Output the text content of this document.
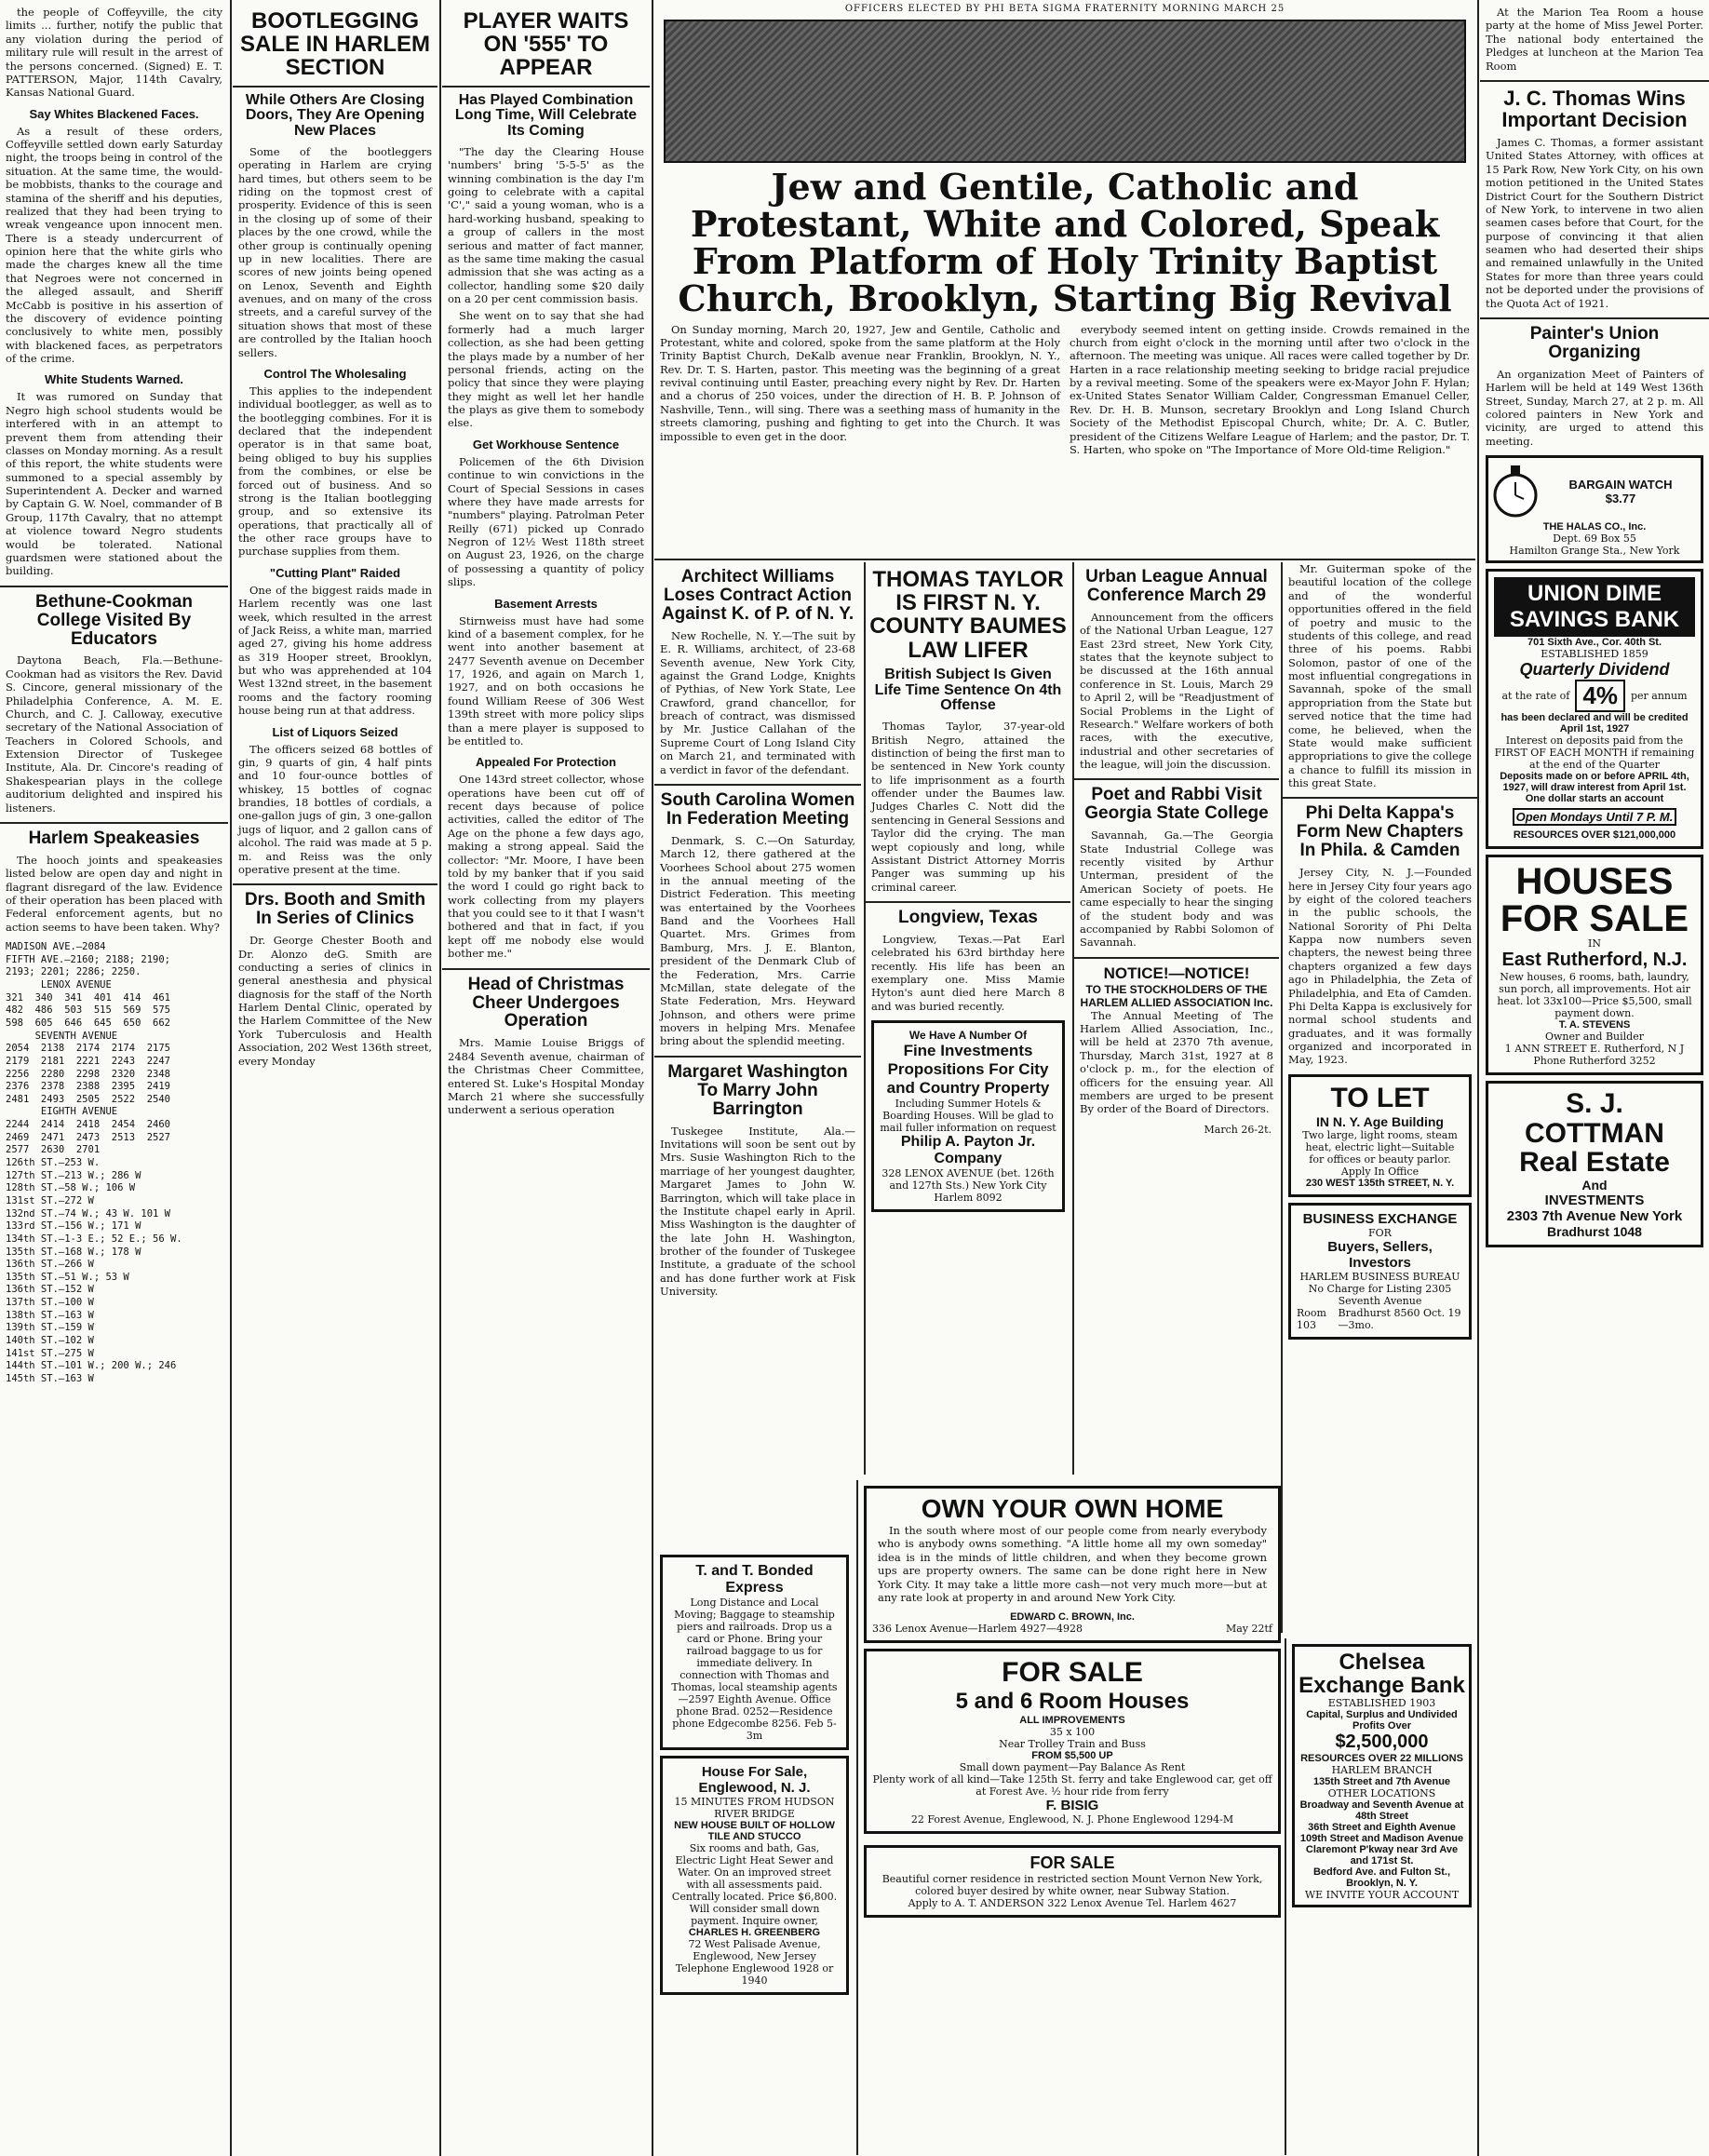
the people of Coffeyville, the city limits ... further, notify the public that any violation during the period of military rule will result in the arrest of the persons concerned. (Signed) E. T. PATTERSON, Major, 114th Cavalry, Kansas National Guard.

Say Whites Blackened Faces.

As a result of these orders, Coffeyville settled down early Saturday night, the troops being in control of the situation. At the same time, the would-be mobbists, thanks to the courage and stamina of the sheriff and his deputies, realized that they had been trying to wreak vengeance upon innocent men. There is a steady undercurrent of opinion here that the white girls who made the charges knew all the time that Negroes were not concerned in the alleged assault, and Sheriff McCabb is positive in his assertion of the discovery of evidence pointing conclusively to white men, possibly with blackened faces, as perpetrators of the crime.

White Students Warned.

It was rumored on Sunday that Negro high school students would be interfered with in an attempt to prevent them from attending their classes on Monday morning. As a result of this report, the white students were summoned to a special assembly by Superintendent A. Decker and warned by Captain G. W. Noel, commander of B Group, 117th Cavalry, that no attempt at violence toward Negro students would be tolerated. National guardsmen were stationed about the building.

Bethune-Cookman College Visited By Educators

Daytona Beach, Fla.—Bethune-Cookman had as visitors the Rev. David S. Cincore, general missionary of the Philadelphia Conference, A. M. E. Church, and C. J. Calloway, executive secretary of the National Association of Teachers in Colored Schools, and Extension Director of Tuskegee Institute, Ala. Dr. Cincore's reading of Shakespearian plays in the college auditorium delighted and inspired his listeners.

Harlem Speakeasies

The hooch joints and speakeasies listed below are open day and night in flagrant disregard of the law. Evidence of their operation has been placed with Federal enforcement agents, but no action seems to have been taken. Why?

MADISON AVE.—2084
FIFTH AVE.—2160; 2188; 2190;
2193; 2201; 2286; 2250.
LENOX AVENUE
321  340  341  401  414  461
482  486  503  515  569  575
598  605  646  645  650  662
SEVENTH AVENUE
2054  2138  2174  2174  2175
2179  2181  2221  2243  2247
2256  2280  2298  2320  2348
2376  2378  2388  2395  2419
2481  2493  2505  2522  2540
EIGHTH AVENUE
2244  2414  2418  2454  2460
2469  2471  2473  2513  2527
2577  2630  2701
126th ST.—253 W.
127th ST.—213 W.; 286 W
128th ST.—58 W.; 106 W
131st ST.—272 W
132nd ST.—74 W.; 43 W. 101 W
133rd ST.—156 W.; 171 W
134th ST.—1-3 E.; 52 E.; 56 W.
135th ST.—168 W.; 178 W
136th ST.—266 W
135th ST.—51 W.; 53 W
136th ST.—152 W
137th ST.—100 W
138th ST.—163 W
139th ST.—159 W
140th ST.—102 W
141st ST.—275 W
144th ST.—101 W.; 200 W.; 246
145th ST.—163 W
BOOTLEGGING SALE IN HARLEM SECTION
While Others Are Closing Doors, They Are Opening New Places

Some of the bootleggers operating in Harlem are crying hard times, but others seem to be riding on the topmost crest of prosperity. Evidence of this is seen in the closing up of some of their places by the one crowd, while the other group is continually opening up in new localities. There are scores of new joints being opened on Lenox, Seventh and Eighth avenues, and on many of the cross streets, and a careful survey of the situation shows that most of these are controlled by the Italian hooch sellers.

Control The Wholesaling

This applies to the independent individual bootlegger, as well as to the bootlegging combines. For it is declared that the independent operator is in that same boat, being obliged to buy his supplies from the combines, or else be forced out of business. And so strong is the Italian bootlegging group, and so extensive its operations, that practically all of the other race groups have to purchase supplies from them.

"Cutting Plant" Raided

One of the biggest raids made in Harlem recently was one last week, which resulted in the arrest of Jack Reiss, a white man, married aged 27, giving his home address as 319 Hooper street, Brooklyn, but who was apprehended at 104 West 132nd street, in the basement rooms and the factory rooming house being run at that address.

List of Liquors Seized

The officers seized 68 bottles of gin, 9 quarts of gin, 4 half pints and 10 four-ounce bottles of whiskey, 15 bottles of cognac brandies, 18 bottles of cordials, a one-gallon jugs of gin, 3 one-gallon jugs of liquor, and 2 gallon cans of alcohol. The raid was made at 5 p. m. and Reiss was the only operative present at the time.

Drs. Booth and Smith In Series of Clinics

Dr. George Chester Booth and Dr. Alonzo deG. Smith are conducting a series of clinics in general anesthesia and physical diagnosis for the staff of the North Harlem Dental Clinic, operated by the Harlem Committee of the New York Tuberculosis and Health Association, 202 West 136th street, every Monday

PLAYER WAITS ON '555' TO APPEAR
Has Played Combination Long Time, Will Celebrate Its Coming

"The day the Clearing House 'numbers' bring '5-5-5' as the winning combination is the day I'm going to celebrate with a capital 'C'," said a young woman, who is a hard-working husband, speaking to a group of callers in the most serious and matter of fact manner, as the same time making the casual admission that she was acting as a collector, handling some $20 daily on a 20 per cent commission basis.

She went on to say that she had formerly had a much larger collection, as she had been getting the plays made by a number of her personal friends, acting on the policy that since they were playing they might as well let her handle the plays as give them to somebody else.

Get Workhouse Sentence

Policemen of the 6th Division continue to win convictions in the Court of Special Sessions in cases where they have made arrests for "numbers" playing. Patrolman Peter Reilly (671) picked up Conrado Negron of 12½ West 118th street on August 23, 1926, on the charge of possessing a quantity of policy slips.

Basement Arrests

Stirnweiss must have had some kind of a basement complex, for he went into another basement at 2477 Seventh avenue on December 17, 1926, and again on March 1, 1927, and on both occasions he found William Reese of 306 West 139th street with more policy slips than a mere player is supposed to be entitled to.

Appealed For Protection

One 143rd street collector, whose operations have been cut off of recent days because of police activities, called the editor of The Age on the phone a few days ago, making a strong appeal. Said the collector: "Mr. Moore, I have been told by my banker that if you said the word I could go right back to work collecting from my players that you could see to it that I wasn't bothered and that in fact, if you kept off me nobody else would bother me."

Head of Christmas Cheer Undergoes Operation

Mrs. Mamie Louise Briggs of 2484 Seventh avenue, chairman of the Christmas Cheer Committee, entered St. Luke's Hospital Monday March 21 where she successfully underwent a serious operation

OFFICERS ELECTED BY PHI BETA SIGMA FRATERNITY MORNING MARCH 25
Jew and Gentile, Catholic and Protestant, White and Colored, Speak From Platform of Holy Trinity Baptist Church, Brooklyn, Starting Big Revival

On Sunday morning, March 20, 1927, Jew and Gentile, Catholic and Protestant, white and colored, spoke from the same platform at the Holy Trinity Baptist Church, DeKalb avenue near Franklin, Brooklyn, N. Y., Rev. Dr. T. S. Harten, pastor. This meeting was the beginning of a great revival continuing until Easter, preaching every night by Rev. Dr. Harten and a chorus of 250 voices, under the direction of H. B. P. Johnson of Nashville, Tenn., will sing. There was a seething mass of humanity in the streets clamoring, pushing and fighting to get into the Church. It was impossible to even get in the door.

everybody seemed intent on getting inside. Crowds remained in the church from eight o'clock in the morning until after two o'clock in the afternoon. The meeting was unique. All races were called together by Dr. Harten in a race relationship meeting seeking to bridge racial prejudice by a revival meeting. Some of the speakers were ex-Mayor John F. Hylan; ex-United States Senator William Calder, Congressman Emanuel Celler, Rev. Dr. H. B. Munson, secretary Brooklyn and Long Island Church Society of the Methodist Episcopal Church, white; Dr. A. C. Butler, president of the Citizens Welfare League of Harlem; and the pastor, Dr. T. S. Harten, who spoke on "The Importance of More Old-time Religion."

Architect Williams Loses Contract Action Against K. of P. of N. Y.

New Rochelle, N. Y.—The suit by E. R. Williams, architect, of 23-68 Seventh avenue, New York City, against the Grand Lodge, Knights of Pythias, of New York State, Lee Crawford, grand chancellor, for breach of contract, was dismissed by Mr. Justice Callahan of the Supreme Court of Long Island City on March 21, and terminated with a verdict in favor of the defendant.

South Carolina Women In Federation Meeting

Denmark, S. C.—On Saturday, March 12, there gathered at the Voorhees School about 275 women in the annual meeting of the District Federation. This meeting was entertained by the Voorhees Band and the Voorhees Hall Quartet. Mrs. Grimes from Bamburg, Mrs. J. E. Blanton, president of the Denmark Club of the Federation, Mrs. Carrie McMillan, state delegate of the State Federation, Mrs. Heyward Johnson, and others were prime movers in helping Mrs. Menafee bring about the splendid meeting.

Margaret Washington To Marry John Barrington

Tuskegee Institute, Ala.—Invitations will soon be sent out by Mrs. Susie Washington Rich to the marriage of her youngest daughter, Margaret James to John W. Barrington, which will take place in the Institute chapel early in April. Miss Washington is the daughter of the late John H. Washington, brother of the founder of Tuskegee Institute, a graduate of the school and has done further work at Fisk University.

THOMAS TAYLOR IS FIRST N. Y. COUNTY BAUMES LAW LIFER
British Subject Is Given Life Time Sentence On 4th Offense

Thomas Taylor, 37-year-old British Negro, attained the distinction of being the first man to be sentenced in New York county to life imprisonment as a fourth offender under the Baumes law. Judges Charles C. Nott did the sentencing in General Sessions and Taylor did the crying. The man wept copiously and long, while Assistant District Attorney Morris Panger was summing up his criminal career.

Longview, Texas

Longview, Texas.—Pat Earl celebrated his 63rd birthday here recently. His life has been an exemplary one. Miss Mamie Hyton's aunt died here March 8 and was buried recently.

We Have A Number Of
Fine Investments Propositions For City and Country Property
Including Summer Hotels & Boarding Houses. Will be glad to mail fuller information on request
Philip A. Payton Jr. Company
328 LENOX AVENUE (bet. 126th and 127th Sts.) New York City Harlem 8092
Urban League Annual Conference March 29

Announcement from the officers of the National Urban League, 127 East 23rd street, New York City, states that the keynote subject to be discussed at the 16th annual conference in St. Louis, March 29 to April 2, will be "Readjustment of Social Problems in the Light of Research." Welfare workers of both races, with the executive, industrial and other secretaries of the league, will join the discussion.

Poet and Rabbi Visit Georgia State College

Savannah, Ga.—The Georgia State Industrial College was recently visited by Arthur Unterman, president of the American Society of poets. He came especially to hear the singing of the student body and was accompanied by Rabbi Solomon of Savannah.

NOTICE!—NOTICE!
TO THE STOCKHOLDERS OF THE HARLEM ALLIED ASSOCIATION Inc.

The Annual Meeting of The Harlem Allied Association, Inc., will be held at 2370 7th avenue, Thursday, March 31st, 1927 at 8 o'clock p. m., for the election of officers for the ensuing year. All members are urged to be present By order of the Board of Directors.

March 26-2t.

Mr. Guiterman spoke of the beautiful location of the college and of the wonderful opportunities offered in the field of poetry and music to the students of this college, and read three of his poems. Rabbi Solomon, pastor of one of the most influential congregations in Savannah, spoke of the small appropriation from the State but served notice that the time had come, he believed, when the State would make sufficient appropriations to give the college a chance to fulfill its mission in this great State.

Phi Delta Kappa's Form New Chapters In Phila. & Camden

Jersey City, N. J.—Founded here in Jersey City four years ago by eight of the colored teachers in the public schools, the National Sorority of Phi Delta Kappa now numbers seven chapters, the newest being three chapters organized a few days ago in Philadelphia, the Zeta of Philadelphia, and Eta of Camden. Phi Delta Kappa is exclusively for normal school students and graduates, and it was formally organized and incorporated in May, 1923.

TO LET
IN N. Y. Age Building
Two large, light rooms, steam heat, electric light—Suitable for offices or beauty parlor.
Apply In Office
230 WEST 135th STREET, N. Y.
BUSINESS EXCHANGE
FOR
Buyers, Sellers, Investors
HARLEM BUSINESS BUREAU
No Charge for Listing 2305 Seventh Avenue
Room 103
Bradhurst 8560 Oct. 19—3mo.

At the Marion Tea Room a house party at the home of Miss Jewel Porter. The national body entertained the Pledges at luncheon at the Marion Tea Room

J. C. Thomas Wins Important Decision

James C. Thomas, a former assistant United States Attorney, with offices at 15 Park Row, New York City, on his own motion petitioned in the United States District Court for the Southern District of New York, to intervene in two alien seamen cases before that Court, for the purpose of convincing it that alien seamen who had deserted their ships and remained unlawfully in the United States for more than three years could not be deported under the provisions of the Quota Act of 1921.

Painter's Union Organizing

An organization Meet of Painters of Harlem will be held at 149 West 136th Street, Sunday, March 27, at 2 p. m. All colored painters in New York and vicinity, are urged to attend this meeting.

BARGAIN WATCH
$3.77
THE HALAS CO., Inc.
Dept. 69 Box 55
Hamilton Grange Sta., New York
UNION DIME SAVINGS BANK
701 Sixth Ave., Cor. 40th St.
ESTABLISHED 1859
Quarterly Dividend
at the rate of 4%	per annum
has been declared and will be credited April 1st, 1927
Interest on deposits paid from the FIRST OF EACH MONTH if remaining at the end of the Quarter
Deposits made on or before APRIL 4th, 1927, will draw interest from April 1st.
One dollar starts an account
Open Mondays Until 7 P. M.
RESOURCES OVER $121,000,000
HOUSES FOR SALE
IN
East Rutherford, N.J.
New houses, 6 rooms, bath, laundry, sun porch, all improvements. Hot air heat. lot 33x100—Price $5,500, small payment down.
T. A. STEVENS
Owner and Builder
1 ANN STREET E. Rutherford, N J Phone Rutherford 3252
S. J. COTTMAN Real Estate
And
INVESTMENTS
2303 7th Avenue New York
Bradhurst 1048
OWN YOUR OWN HOME

In the south where most of our people come from nearly everybody who is anybody owns something. "A little home all my own someday" idea is in the minds of little children, and when they become grown ups are property owners. The same can be done right here in New York City. It may take a little more cash—not very much more—but at any rate look at property in and around New York City.

EDWARD C. BROWN, Inc.
336 Lenox Avenue—Harlem 4927—4928	May 22tf
FOR SALE
5 and 6 Room Houses
ALL IMPROVEMENTS
35 x 100
Near Trolley Train and Buss
FROM $5,500 UP
Small down payment—Pay Balance As Rent
Plenty work of all kind—Take 125th St. ferry and take Englewood car, get off at Forest Ave. ½ hour ride from ferry
F. BISIG
22 Forest Avenue, Englewood, N. J. Phone Englewood 1294-M
FOR SALE
Beautiful corner residence in restricted section Mount Vernon New York, colored buyer desired by white owner, near Subway Station.
Apply to A. T. ANDERSON 322 Lenox Avenue Tel. Harlem 4627
T. and T. Bonded Express
Long Distance and Local Moving; Baggage to steamship piers and railroads. Drop us a card or Phone. Bring your railroad baggage to us for immediate delivery. In connection with Thomas and Thomas, local steamship agents—2597 Eighth Avenue. Office phone Brad. 0252—Residence phone Edgecombe 8256. Feb 5-3m
House For Sale, Englewood, N. J.
15 MINUTES FROM HUDSON RIVER BRIDGE
NEW HOUSE BUILT OF HOLLOW TILE AND STUCCO
Six rooms and bath, Gas, Electric Light Heat Sewer and Water. On an improved street with all assessments paid. Centrally located. Price $6,800. Will consider small down payment. Inquire owner,
CHARLES H. GREENBERG
72 West Palisade Avenue, Englewood, New Jersey
Telephone Englewood 1928 or 1940
Chelsea Exchange Bank
ESTABLISHED 1903
Capital, Surplus and Undivided Profits Over
$2,500,000
RESOURCES OVER 22 MILLIONS
HARLEM BRANCH
135th Street and 7th Avenue
OTHER LOCATIONS
Broadway and Seventh Avenue at 48th Street
36th Street and Eighth Avenue
109th Street and Madison Avenue
Claremont P'kway near 3rd Ave and 171st St.
Bedford Ave. and Fulton St., Brooklyn, N. Y.
WE INVITE YOUR ACCOUNT
